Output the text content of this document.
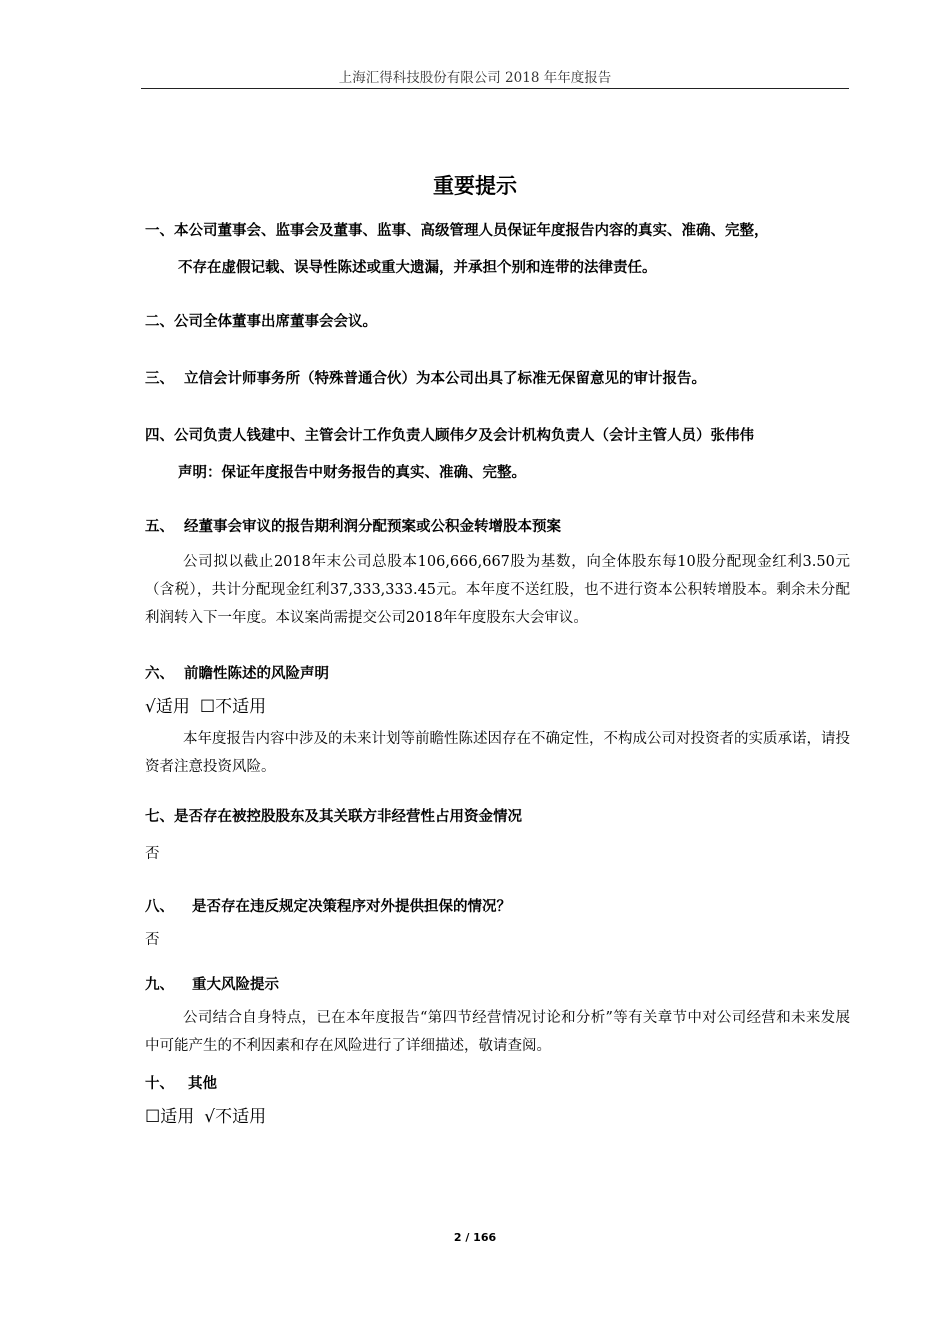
上海汇得科技股份有限公司 2018 年年度报告
重要提示
一、本公司董事会、监事会及董事、监事、高级管理人员保证年度报告内容的真实、准确、完整，
不存在虚假记载、误导性陈述或重大遗漏，并承担个别和连带的法律责任。
二、公司全体董事出席董事会会议。
三、 立信会计师事务所（特殊普通合伙）为本公司出具了标准无保留意见的审计报告。
四、公司负责人钱建中、主管会计工作负责人顾伟夕及会计机构负责人（会计主管人员）张伟伟
声明：保证年度报告中财务报告的真实、准确、完整。
五、 经董事会审议的报告期利润分配预案或公积金转增股本预案
公司拟以截止2018年末公司总股本106,666,667股为基数，向全体股东每10股分配现金红利3.50元（含税），共计分配现金红利37,333,333.45元。本年度不送红股，也不进行资本公积转增股本。剩余未分配利润转入下一年度。本议案尚需提交公司2018年年度股东大会审议。
六、 前瞻性陈述的风险声明
√适用 ☐不适用
本年度报告内容中涉及的未来计划等前瞻性陈述因存在不确定性，不构成公司对投资者的实质承诺，请投资者注意投资风险。
七、是否存在被控股股东及其关联方非经营性占用资金情况
否
八、 是否存在违反规定决策程序对外提供担保的情况？
否
九、 重大风险提示
公司结合自身特点，已在本年度报告“第四节经营情况讨论和分析”等有关章节中对公司经营和未来发展中可能产生的不利因素和存在风险进行了详细描述，敬请查阅。
十、 其他
☐适用 √不适用
2 / 166
